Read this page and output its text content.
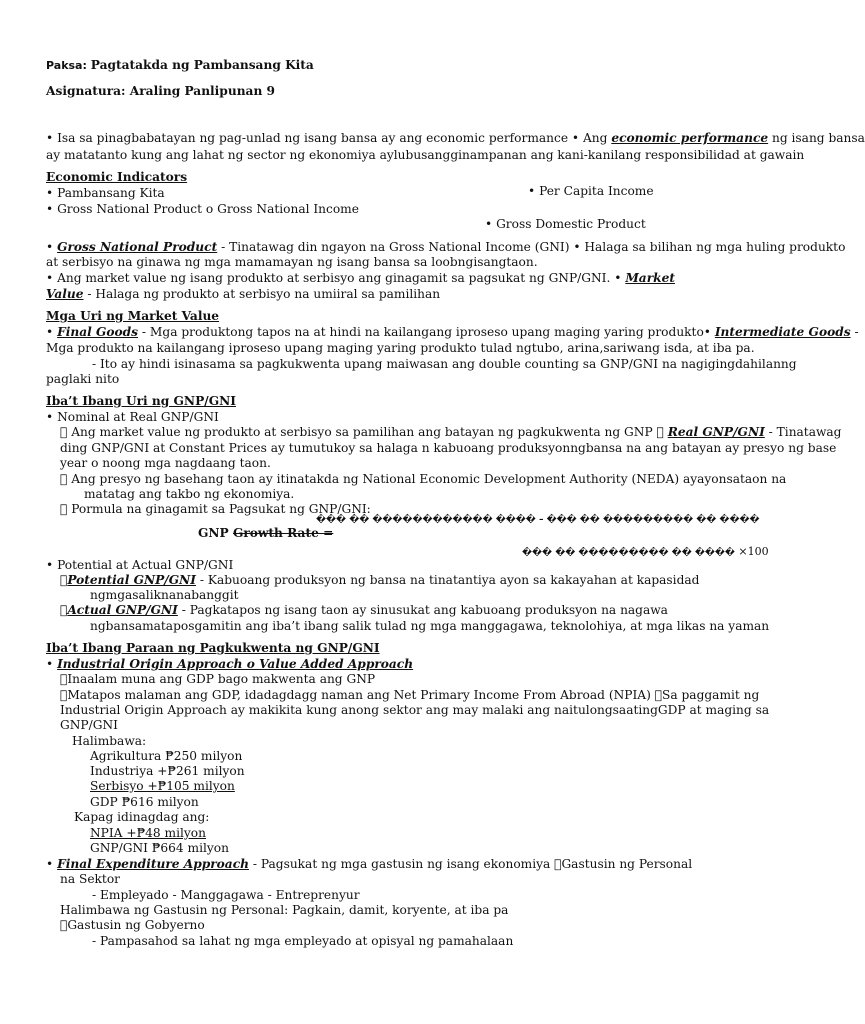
Paksa: Pagtatakda ng Pambansang Kita
Asignatura: Araling Panlipunan 9
• Isa sa pinagbabatayan ng pag-unlad ng isang bansa ay ang economic performance • Ang economic performance ng isang bansa
ay matatanto kung ang lahat ng sector ng ekonomiya aylubusangginampanan ang kani-kanilang responsibilidad at gawain
Economic Indicators
• Pambansang Kita	• Per Capita Income
• Gross National Product o Gross National Income
• Gross Domestic Product
• Gross National Product - Tinatawag din ngayon na Gross National Income (GNI) • Halaga sa bilihan ng mga huling produkto
at serbisyo na ginawa ng mga mamamayan ng isang bansa sa loobngisangtaon.
• Ang market value ng isang produkto at serbisyo ang ginagamit sa pagsukat ng GNP/GNI. • Market
Value - Halaga ng produkto at serbisyo na umiiral sa pamilihan
Mga Uri ng Market Value
• Final Goods - Mga produktong tapos na at hindi na kailangang iproseso upang maging yaring produkto• Intermediate Goods -
Mga produkto na kailangang iproseso upang maging yaring produkto tulad ngtubo, arina,sariwang isda, at iba pa.
- Ito ay hindi isinasama sa pagkukwenta upang maiwasan ang double counting sa GNP/GNI na nagigingdahilanng
paglaki nito
Iba’t Ibang Uri ng GNP/GNI
• Nominal at Real GNP/GNI
Ang market value ng produkto at serbisyo sa pamilihan ang batayan ng pagkukwenta ng GNP Real GNP/GNI - Tinatawag
ding GNP/GNI at Constant Prices ay tumutukoy sa halaga n kabuoang produksyonngbansa na ang batayan ay presyo ng base
year o noong mga nagdaang taon.
Ang presyo ng basehang taon ay itinatakda ng National Economic Development Authority (NEDA) ayayonsataon na
matatag ang takbo ng ekonomiya.
Pormula na ginagamit sa Pagsukat ng GNP/GNI:
��� �� ������������ ���� – ��� �� ��������� �� ����
GNP Growth Rate =
��� �� ��������� �� ���� ×100
• Potential at Actual GNP/GNI
Potential GNP/GNI - Kabuoang produksyon ng bansa na tinatantiya ayon sa kakayahan at kapasidad
ngmgasaliknanabanggit
Actual GNP/GNI - Pagkatapos ng isang taon ay sinusukat ang kabuoang produksyon na nagawa
ngbansamataposgamitin ang iba’t ibang salik tulad ng mga manggagawa, teknolohiya, at mga likas na yaman
Iba’t Ibang Paraan ng Pagkukwenta ng GNP/GNI
• Industrial Origin Approach o Value Added Approach
Inaalam muna ang GDP bago makwenta ang GNP
Matapos malaman ang GDP, idadagdagg naman ang Net Primary Income From Abroad (NPIA) Sa paggamit ng
Industrial Origin Approach ay makikita kung anong sektor ang may malaki ang naitulongsaatingGDP at maging sa
GNP/GNI
Halimbawa:
Agrikultura ₱250 milyon
Industriya +₱261 milyon
Serbisyo +₱105 milyon
GDP ₱616 milyon
Kapag idinagdag ang:
NPIA +₱48 milyon
GNP/GNI ₱664 milyon
• Final Expenditure Approach - Pagsukat ng mga gastusin ng isang ekonomiya Gastusin ng Personal
na Sektor
- Empleyado - Manggagawa - Entreprenyur
Halimbawa ng Gastusin ng Personal: Pagkain, damit, koryente, at iba pa
Gastusin ng Gobyerno
- Pampasahod sa lahat ng mga empleyado at opisyal ng pamahalaan
